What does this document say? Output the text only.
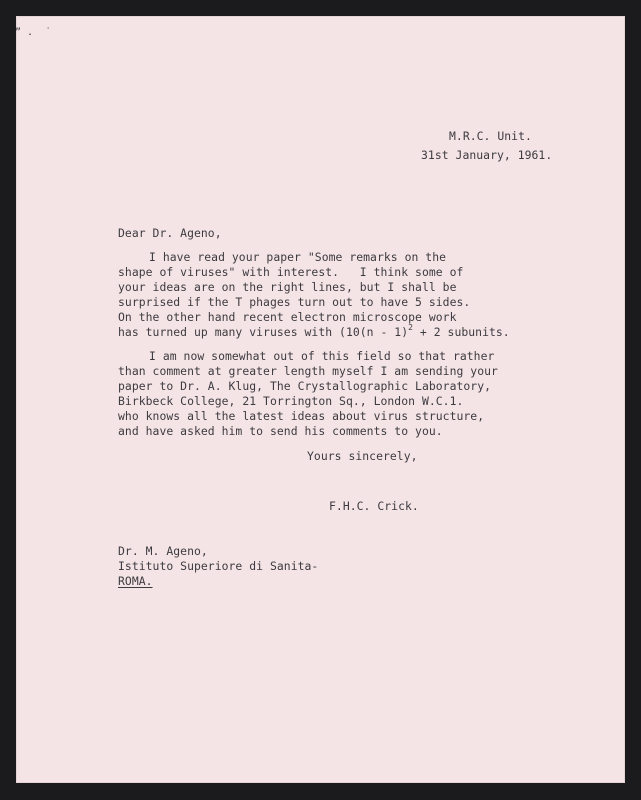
” .  ˙
M.R.C. Unit.
31st January, 1961.
Dear Dr. Ageno,
I have read your paper "Some remarks on the
shape of viruses" with interest.   I think some of
your ideas are on the right lines, but I shall be
surprised if the T phages turn out to have 5 sides.
On the other hand recent electron microscope work
has turned up many viruses with (10(n - 1)$^2$ + 2 subunits.
I am now somewhat out of this field so that rather
than comment at greater length myself I am sending your
paper to Dr. A. Klug, The Crystallographic Laboratory,
Birkbeck College, 21 Torrington Sq., London W.C.1.
who knows all the latest ideas about virus structure,
and have asked him to send his comments to you.
Yours sincerely,
F.H.C. Crick.
Dr. M. Ageno,
Istituto Superiore di Sanita-
ROMA.
